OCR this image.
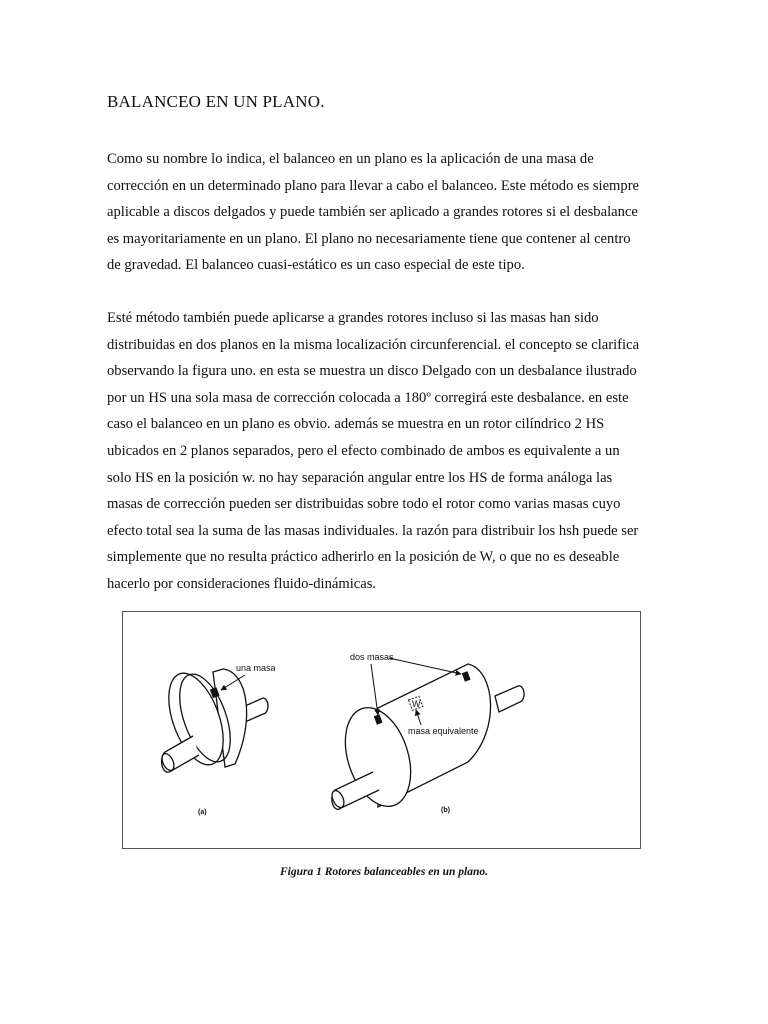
BALANCEO EN UN PLANO.
Como su nombre lo indica, el balanceo en un plano es la aplicación de una masa de
corrección en un determinado plano para llevar a cabo el balanceo. Este método es siempre
aplicable a discos delgados y puede también ser aplicado a grandes rotores si el desbalance
es mayoritariamente en un plano. El plano no necesariamente tiene que contener al centro
de gravedad. El balanceo cuasi-estático es un caso especial de este tipo.
Esté método también puede aplicarse a grandes rotores incluso si las masas han sido
distribuidas en dos planos en la misma localización circunferencial. el concepto se clarifica
observando la figura uno. en esta se muestra un disco Delgado con un desbalance ilustrado
por un HS una sola masa de corrección colocada a 180º corregirá este desbalance. en este
caso el balanceo en un plano es obvio. además se muestra en un rotor cilíndrico 2 HS
ubicados en 2 planos separados, pero el efecto combinado de ambos es equivalente a un
solo HS en la posición w. no hay separación angular entre los HS de forma análoga las
masas de corrección pueden ser distribuidas sobre todo el rotor como varias masas cuyo
efecto total sea la suma de las masas individuales. la razón para distribuir los hsh puede ser
simplemente que no resulta práctico adherirlo en la posición de W, o que no es deseable
hacerlo por consideraciones fluido-dinámicas.
una masa
(a)
W
dos masas
masa equivalente
(b)
Figura 1 Rotores balanceables en un plano.
